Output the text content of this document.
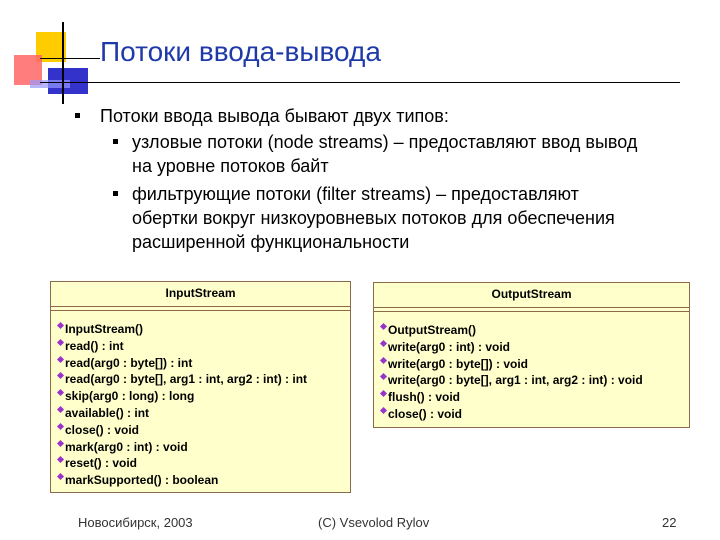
Потоки ввода-вывода
Потоки ввода вывода бывают двух типов:
узловые потоки (node streams) – предоставляют ввод вывод
на уровне потоков байт
фильтрующие потоки (filter streams) – предоставляют
обертки вокруг низкоуровневых потоков для обеспечения
расширенной функциональности
InputStream
InputStream()
read() : int
read(arg0 : byte[]) : int
read(arg0 : byte[], arg1 : int, arg2 : int) : int
skip(arg0 : long) : long
available() : int
close() : void
mark(arg0 : int) : void
reset() : void
markSupported() : boolean
OutputStream
OutputStream()
write(arg0 : int) : void
write(arg0 : byte[]) : void
write(arg0 : byte[], arg1 : int, arg2 : int) : void
flush() : void
close() : void
Новосибирск, 2003	(C) Vsevolod Rylov	22
